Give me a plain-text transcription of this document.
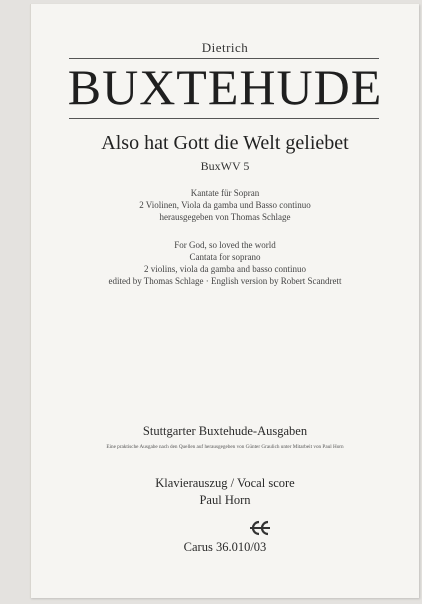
Dietrich
BUXTEHUDE
Also hat Gott die Welt geliebet
BuxWV 5
Kantate für Sopran
2 Violinen, Viola da gamba und Basso continuo
herausgegeben von Thomas Schlage
For God, so loved the world
Cantata for soprano
2 violins, viola da gamba and basso continuo
edited by Thomas Schlage · English version by Robert Scandrett
Stuttgarter Buxtehude-Ausgaben
Eine praktische Ausgabe nach den Quellen auf herausgegeben von Günter Graulich unter Mitarbeit von Paul Horn
Klavierauszug / Vocal score
Paul Horn
Carus 36.010/03
